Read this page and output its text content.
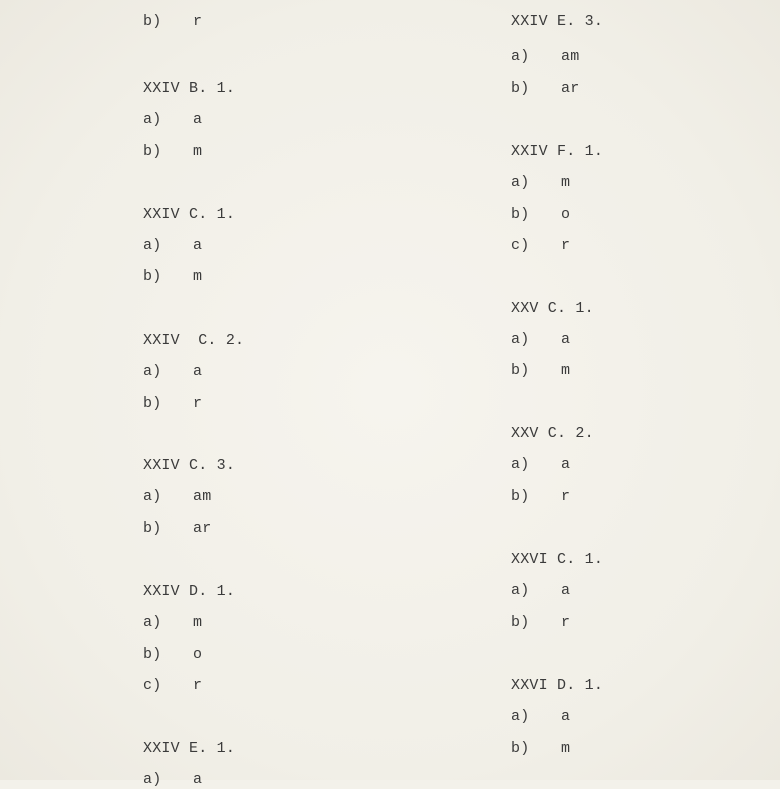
b) r
XXIV B. 1.
a) a
b) m
XXIV C. 1.
a) a
b) m
XXIV  C. 2.
a) a
b) r
XXIV C. 3.
a) am
b) ar
XXIV D. 1.
a) m
b) o
c) r
XXIV E. 1.
a) a
XXIV E. 3.
a) am
b) ar
XXIV F. 1.
a) m
b) o
c) r
XXV C. 1.
a) a
b) m
XXV C. 2.
a) a
b) r
XXVI C. 1.
a) a
b) r
XXVI D. 1.
a) a
b) m
